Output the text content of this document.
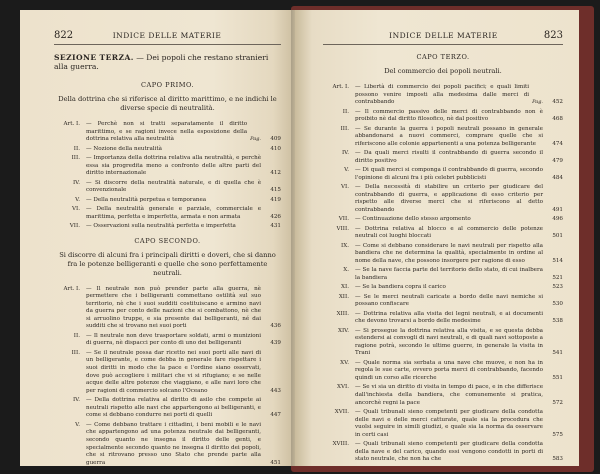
822	INDICE DELLE MATERIE
SEZIONE TERZA. — Dei popoli che restano stranieri alla guerra.
CAPO PRIMO.
Della dottrina che si riferisce al diritto marittimo, e ne indichi le diverse specie di neutralità.
Art. I.	— Perchè non si tratti separatamente il diritto marittimo, e se ragioni invece nella esposizione della dottrina relativa alla neutralità	Pag.	409
II.	— Nozione della neutralità	410
III.	— Importanza della dottrina relativa alla neutralità, e perchè essa sia progredita meno a confronto delle altre parti del diritto internazionale	412
IV.	— Si discorre della neutralità naturale, e di quella che è convenzionale	415
V.	— Della neutralità perpetua e temporanea	419
VI.	— Della neutralità generale e parziale, commerciale e marittima, perfetta e imperfetta, armata e non armata	426
VII.	— Osservazioni sulla neutralità perfetta e imperfetta	431
CAPO SECONDO.
Si discorre di alcuni fra i principali diritti e doveri, che si danno fra le potenze belligeranti e quelle che sono perfettamente neutrali.
Art. I.	— Il neutrale non può prender parte alla guerra, nè permettere che i belligeranti commettano ostilità sul suo territorio, nè che i suoi sudditi costituiscano e armino navi da guerra per conto delle nazioni che si combattono, nè che si arruolino truppe, e sia presente dai belligeranti, né dai sudditi che si trovano nei suoi porti	436
II.	— Il neutrale non deve trasportare soldati, armi o munizioni di guerra, nè dispacci per conto di uno dei belligeranti	439
III.	— Se il neutrale possa dar ricetto nei suoi porti alle navi di un belligerante, e come debba in generale fare rispettare i suoi diritti in modo che la pace e l'ordine siano osservati, dove può accogliere i militari che vi si rifugiano; e se nelle acque delle altre potenze che viaggiano, e alle navi loro che per ragioni di commercio solcano l'Oceano	443
IV.	— Della dottrina relativa al diritto di asilo che compete ai neutrali rispetto alle navi che appartengono ai belligeranti, e come si debbano condurre nei porti di quelli	447
V.	— Come debbano trattare i cittadini, i beni mobili e le navi che appartengono ad una potenza neutrale dai belligeranti, secondo quanto ne insegna il diritto delle genti, e specialmente secondo quanto ne insegna il diritto dei popoli, che si ritrovano presso uno Stato che prende parte alla guerra	451
INDICE DELLE MATERIE	823
CAPO TERZO.
Del commercio dei popoli neutrali.
Art. I.	— Libertà di commercio dei popoli pacifici; e quali limiti possono venire imposti alla medesima dalle merci di contrabbando	Pag.	452
II.	— Il commercio passivo delle merci di contrabbando non è proibito nè dal diritto filosofico, nè dal positivo	468
III.	— Se durante la guerra i popoli neutrali possano in generale abbandonarsi a nuovi commerci, comprare quelle che si riferiscono alle colonie appartenenti a una potenza belligerante	474
IV.	— Da quali merci risulti il contrabbando di guerra secondo il diritto positivo	479
V.	— Di quali merci si componga il contrabbando di guerra, secondo l'opinione di alcuni fra i più celebri pubblicisti	484
VI.	— Della necessità di stabilire un criterio per giudicare del contrabbando di guerra, e applicazione di esso criterio per rispetto alle diverse merci che si riferiscono al detto contrabbando	491
VII.	— Continuazione dello stesso argomento	496
VIII.	— Dottrina relativa al blocco e al commercio delle potenze neutrali coi luoghi bloccati	501
IX.	— Come si debbano considerare le navi neutrali per rispetto alla bandiera che ne determina la qualità, specialmente in ordine al nome della nave, che possono insorgere per ragione di esso	514
X.	— Se la nave faccia parte del territorio dello stato, di cui inalbera la bandiera	521
XI.	— Se la bandiera copra il carico	523
XII.	— Se le merci neutrali caricate a bordo delle navi nemiche si possano confiscare	530
XIII.	— Dottrina relativa alla visita dei legni neutrali, e ai documenti che devono trovarsi a bordo delle medesime	538
XIV.	— Si prosegue la dottrina relativa alla visita, e se questa debba estendersi ai convogli di navi neutrali, e di quali navi sottoposte a ragione potrà, secondo le ultime guerre, in generale la visita in Trani	541
XV.	— Quale norma sia serbata a una nave che muove, e non ha in regola le sue carte, ovvero porta merci di contrabbando, facendo quindi un corso alle ricerche	551
XVI.	— Se vi sia un diritto di visita in tempo di pace, e in che differisce dall'inchiesta della bandiera, che comunemente si pratica, ancorchè regni la pace	572
XVII.	— Quali tribunali sieno competenti per giudicare della condotta delle navi e delle merci catturate, quale sia la procedura che vuolsi seguire in simili giudizi, e quale sia la norma da osservare in certi casi	575
XVIII.	— Quali tribunali sieno competenti per giudicare della condotta della nave e del carico, quando essi vengono condotti in porti di stato neutrale, che non ha che	583
